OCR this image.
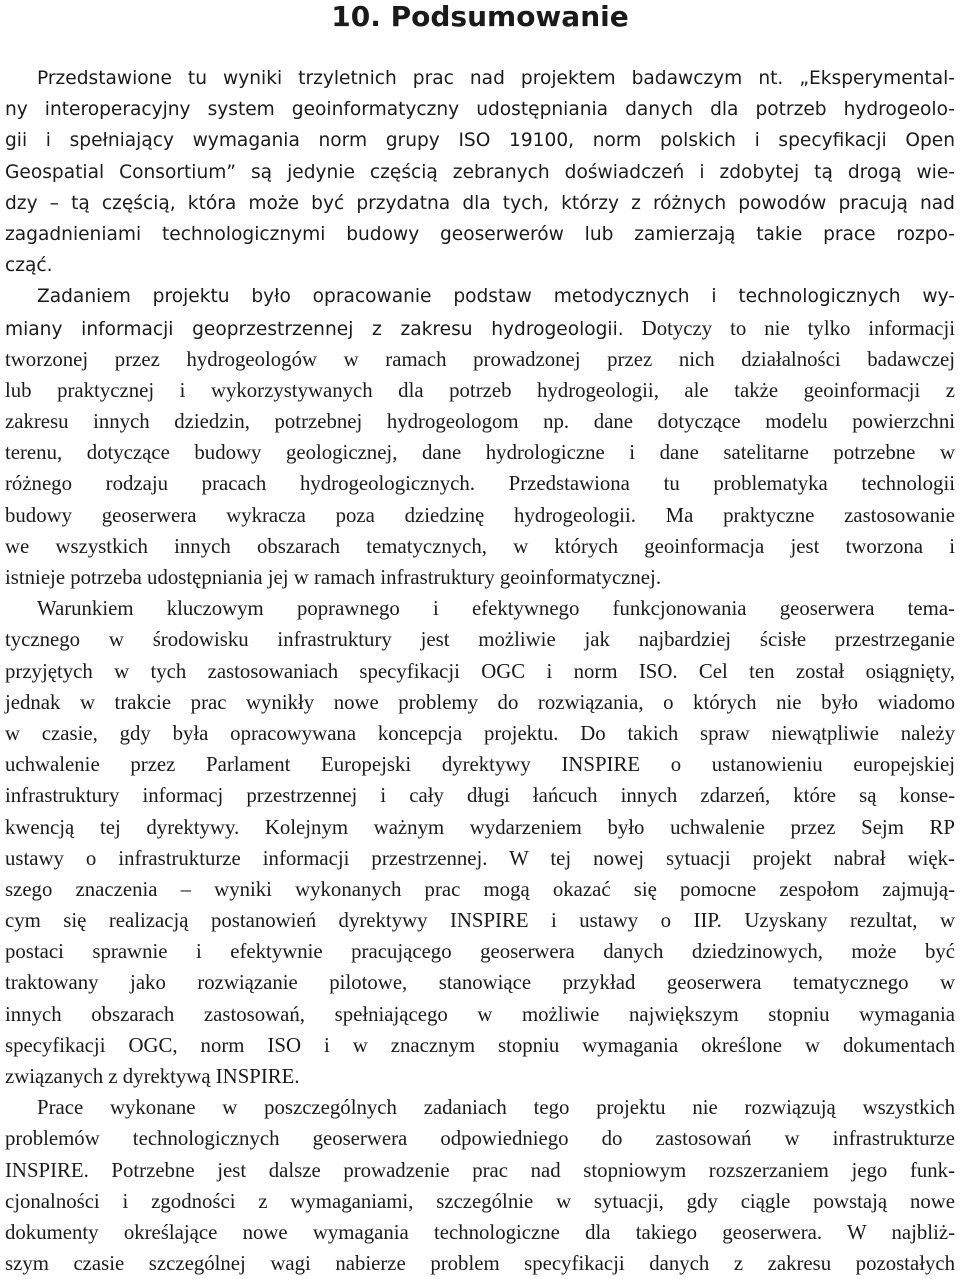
10. Podsumowanie
Przedstawione tu wyniki trzyletnich prac nad projektem badawczym nt. „Eksperymental-
ny interoperacyjny system geoinformatyczny udostępniania danych dla potrzeb hydrogeolo-
gii i spełniający wymagania norm grupy ISO 19100, norm polskich i specyfikacji Open
Geospatial Consortium” są jedynie częścią zebranych doświadczeń i zdobytej tą drogą wie-
dzy – tą częścią, która może być przydatna dla tych, którzy z różnych powodów pracują nad
zagadnieniami technologicznymi budowy geoserwerów lub zamierzają takie prace rozpo-
cząć.
Zadaniem projektu było opracowanie podstaw metodycznych i technologicznych wy-
miany informacji geoprzestrzennej z zakresu hydrogeologii. Dotyczy to nie tylko informacji
tworzonej przez hydrogeologów w ramach prowadzonej przez nich działalności badawczej
lub praktycznej i wykorzystywanych dla potrzeb hydrogeologii, ale także geoinformacji z
zakresu innych dziedzin, potrzebnej hydrogeologom np. dane dotyczące modelu powierzchni
terenu, dotyczące budowy geologicznej, dane hydrologiczne i dane satelitarne potrzebne w
różnego rodzaju pracach hydrogeologicznych. Przedstawiona tu problematyka technologii
budowy geoserwera wykracza poza dziedzinę hydrogeologii. Ma praktyczne zastosowanie
we wszystkich innych obszarach tematycznych, w których geoinformacja jest tworzona i
istnieje potrzeba udostępniania jej w ramach infrastruktury geoinformatycznej.
Warunkiem kluczowym poprawnego i efektywnego funkcjonowania geoserwera tema-
tycznego w środowisku infrastruktury jest możliwie jak najbardziej ścisłe przestrzeganie
przyjętych w tych zastosowaniach specyfikacji OGC i norm ISO. Cel ten został osiągnięty,
jednak w trakcie prac wynikły nowe problemy do rozwiązania, o których nie było wiadomo
w czasie, gdy była opracowywana koncepcja projektu. Do takich spraw niewątpliwie należy
uchwalenie przez Parlament Europejski dyrektywy INSPIRE o ustanowieniu europejskiej
infrastruktury informacj przestrzennej i cały długi łańcuch innych zdarzeń, które są konse-
kwencją tej dyrektywy. Kolejnym ważnym wydarzeniem było uchwalenie przez Sejm RP
ustawy o infrastrukturze informacji przestrzennej. W tej nowej sytuacji projekt nabrał więk-
szego znaczenia – wyniki wykonanych prac mogą okazać się pomocne zespołom zajmują-
cym się realizacją postanowień dyrektywy INSPIRE i ustawy o IIP. Uzyskany rezultat, w
postaci sprawnie i efektywnie pracującego geoserwera danych dziedzinowych, może być
traktowany jako rozwiązanie pilotowe, stanowiące przykład geoserwera tematycznego w
innych obszarach zastosowań, spełniającego w możliwie największym stopniu wymagania
specyfikacji OGC, norm ISO i w znacznym stopniu wymagania określone w dokumentach
związanych z dyrektywą INSPIRE.
Prace wykonane w poszczególnych zadaniach tego projektu nie rozwiązują wszystkich
problemów technologicznych geoserwera odpowiedniego do zastosowań w infrastrukturze
INSPIRE. Potrzebne jest dalsze prowadzenie prac nad stopniowym rozszerzaniem jego funk-
cjonalności i zgodności z wymaganiami, szczególnie w sytuacji, gdy ciągle powstają nowe
dokumenty określające nowe wymagania technologiczne dla takiego geoserwera. W najbliż-
szym czasie szczególnej wagi nabierze problem specyfikacji danych z zakresu pozostałych
